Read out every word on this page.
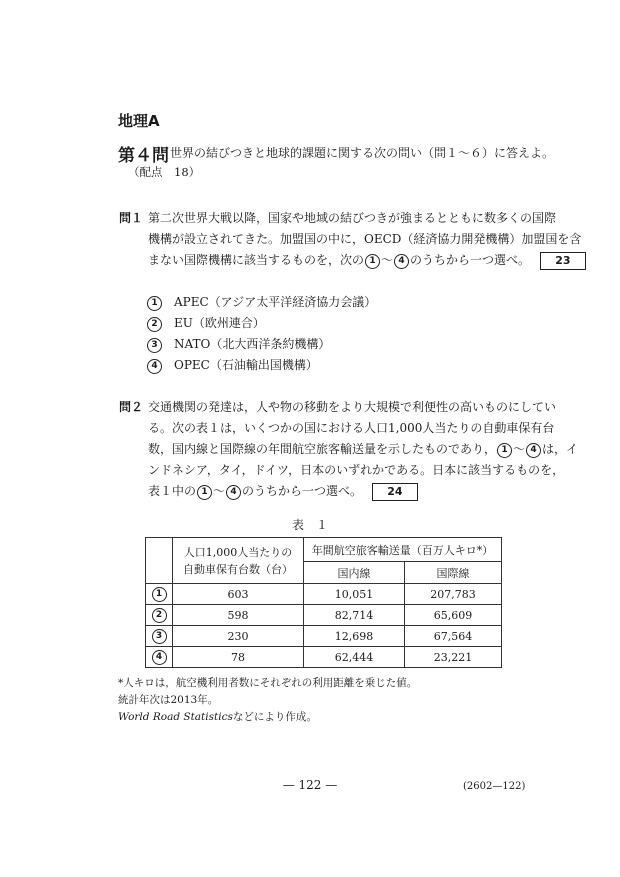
地理A
第４問 世界の結びつきと地球的課題に関する次の問い（問１～６）に答えよ。
（配点　18）
問１ 第二次世界大戦以降，国家や地域の結びつきが強まるとともに数多くの国際
機構が設立されてきた。加盟国の中に，OECD（経済協力開発機構）加盟国を含
まない国際機構に該当するものを，次の 1 ～ 4 のうちから一つ選べ。 23
1 APEC（アジア太平洋経済協力会議）
2 EU（欧州連合）
3 NATO（北大西洋条約機構）
4 OPEC（石油輸出国機構）
問２ 交通機関の発達は，人や物の移動をより大規模で利便性の高いものにしてい
る。次の表１は，いくつかの国における人口1,000人当たりの自動車保有台
数，国内線と国際線の年間航空旅客輸送量を示したものであり， 1 ～ 4 は，イ
ンドネシア，タイ，ドイツ，日本のいずれかである。日本に該当するものを，
表１中の 1 ～ 4 のうちから一つ選べ。 24
表　１

	人口1,000人当たりの
自動車保有台数（台）	年間航空旅客輸送量（百万人キロ*）	
		国内線	国際線
1	603	10,051	207,783
2	598	82,714	65,609
3	230	12,698	67,564
4	78	62,444	23,221
*人キロは，航空機利用者数にそれぞれの利用距離を乗じた値。
統計年次は2013年。
World Road Statisticsなどにより作成。
— 122 —	(2602—122)
